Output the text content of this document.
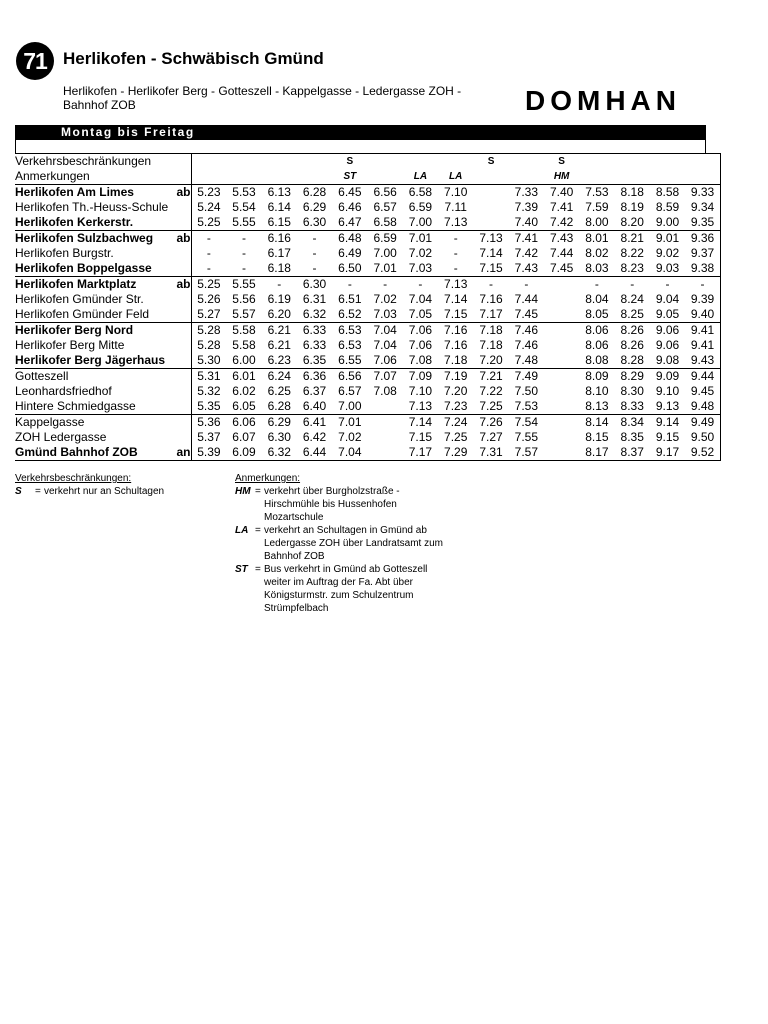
71 Herlikofen - Schwäbisch Gmünd
Herlikofen - Herlikofer Berg - Gotteszell - Kappelgasse - Ledergasse ZOH -
Bahnhof ZOB	DOMHAN
Montag bis Freitag
Verkehrsbeschränkungen						S				S		S				
Anmerkungen						ST		LA	LA			HM				
Herlikofen Am Limes	ab	5.23	5.53	6.13	6.28	6.45	6.56	6.58	7.10		7.33	7.40	7.53	8.18	8.58	9.33
Herlikofen Th.-Heuss-Schule		5.24	5.54	6.14	6.29	6.46	6.57	6.59	7.11		7.39	7.41	7.59	8.19	8.59	9.34
Herlikofen Kerkerstr.		5.25	5.55	6.15	6.30	6.47	6.58	7.00	7.13		7.40	7.42	8.00	8.20	9.00	9.35
Herlikofen Sulzbachweg	ab	-	-	6.16	-	6.48	6.59	7.01	-	7.13	7.41	7.43	8.01	8.21	9.01	9.36
Herlikofen Burgstr.		-	-	6.17	-	6.49	7.00	7.02	-	7.14	7.42	7.44	8.02	8.22	9.02	9.37
Herlikofen Boppelgasse		-	-	6.18	-	6.50	7.01	7.03	-	7.15	7.43	7.45	8.03	8.23	9.03	9.38
Herlikofen Marktplatz	ab	5.25	5.55	-	6.30	-	-	-	7.13	-	-		-	-	-	-
Herlikofen Gmünder Str.		5.26	5.56	6.19	6.31	6.51	7.02	7.04	7.14	7.16	7.44		8.04	8.24	9.04	9.39
Herlikofen Gmünder Feld		5.27	5.57	6.20	6.32	6.52	7.03	7.05	7.15	7.17	7.45		8.05	8.25	9.05	9.40
Herlikofer Berg Nord		5.28	5.58	6.21	6.33	6.53	7.04	7.06	7.16	7.18	7.46		8.06	8.26	9.06	9.41
Herlikofer Berg Mitte		5.28	5.58	6.21	6.33	6.53	7.04	7.06	7.16	7.18	7.46		8.06	8.26	9.06	9.41
Herlikofer Berg Jägerhaus		5.30	6.00	6.23	6.35	6.55	7.06	7.08	7.18	7.20	7.48		8.08	8.28	9.08	9.43
Gotteszell		5.31	6.01	6.24	6.36	6.56	7.07	7.09	7.19	7.21	7.49		8.09	8.29	9.09	9.44
Leonhardsfriedhof		5.32	6.02	6.25	6.37	6.57	7.08	7.10	7.20	7.22	7.50		8.10	8.30	9.10	9.45
Hintere Schmiedgasse		5.35	6.05	6.28	6.40	7.00		7.13	7.23	7.25	7.53		8.13	8.33	9.13	9.48
Kappelgasse		5.36	6.06	6.29	6.41	7.01		7.14	7.24	7.26	7.54		8.14	8.34	9.14	9.49
ZOH Ledergasse		5.37	6.07	6.30	6.42	7.02		7.15	7.25	7.27	7.55		8.15	8.35	9.15	9.50
Gmünd Bahnhof ZOB	an	5.39	6.09	6.32	6.44	7.04		7.17	7.29	7.31	7.57		8.17	8.37	9.17	9.52
Verkehrsbeschränkungen:
S	= verkehrt nur an Schultagen
Anmerkungen:
HM = verkehrt über Burgholzstraße - Hirschmühle bis Hussenhofen Mozartschule
LA = verkehrt an Schultagen in Gmünd ab Ledergasse ZOH über Landratsamt zum Bahnhof ZOB
ST = Bus verkehrt in Gmünd ab Gotteszell weiter im Auftrag der Fa. Abt über Königsturmstr. zum Schulzentrum Strümpfelbach
